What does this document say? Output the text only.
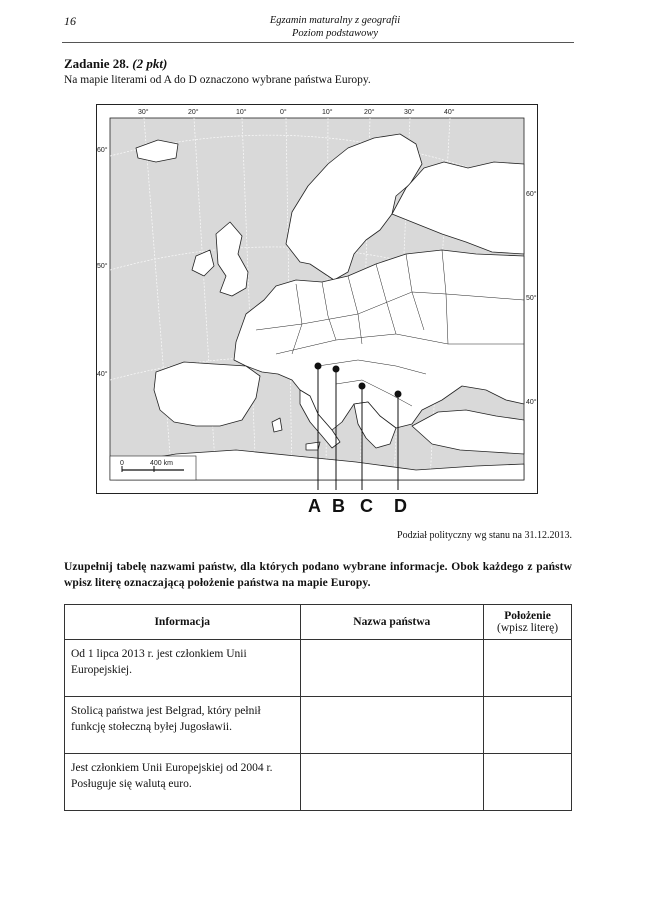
16	Egzamin maturalny z geografii
Poziom podstawowy
Zadanie 28. (2 pkt)
Na mapie literami od A do D oznaczono wybrane państwa Europy.
30°	20°	10°	0°	10°	20°	30°	40°
60°
50°
40°
60°
50°
40°
0	400 km
A B C D
Podział polityczny wg stanu na 31.12.2013.
Uzupełnij tabelę nazwami państw, dla których podano wybrane informacje. Obok każdego z państw wpisz literę oznaczającą położenie państwa na mapie Europy.
Informacja	Nazwa państwa	Położenie
(wpisz literę)

Od 1 lipca 2013 r. jest członkiem Unii Europejskiej.		
Stolicą państwa jest Belgrad, który pełnił funkcję stołeczną byłej Jugosławii.		
Jest członkiem Unii Europejskiej od 2004 r. Posługuje się walutą euro.		
